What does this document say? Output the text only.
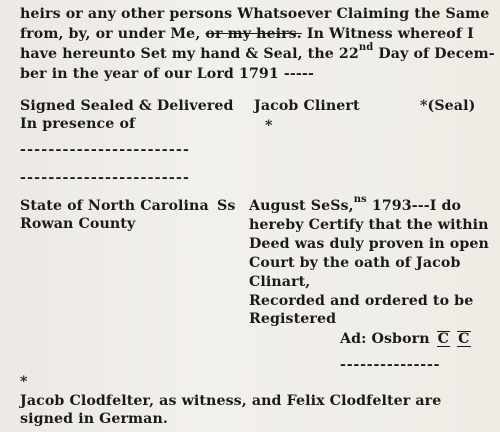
heirs or any other persons Whatsoever Claiming the Same
from, by, or under Me, or my heirs. In Witness whereof I
have hereunto Set my hand & Seal, the 22nd Day of Decem-
ber in the year of our Lord 1791 -----
Signed Sealed & Delivered
In presence of
Jacob Clinert	*(Seal)
*
------------------------
------------------------
State of North Carolina Ss
Rowan County
August SeSs,$^{ns}$ 1793---I do
hereby Certify that the within
Deed was duly proven in open
Court by the oath of Jacob
Clinart,
Recorded and ordered to be
Registered
Ad: Osborn C C
---------------
*
Jacob Clodfelter, as witness, and Felix Clodfelter are
signed in German.
